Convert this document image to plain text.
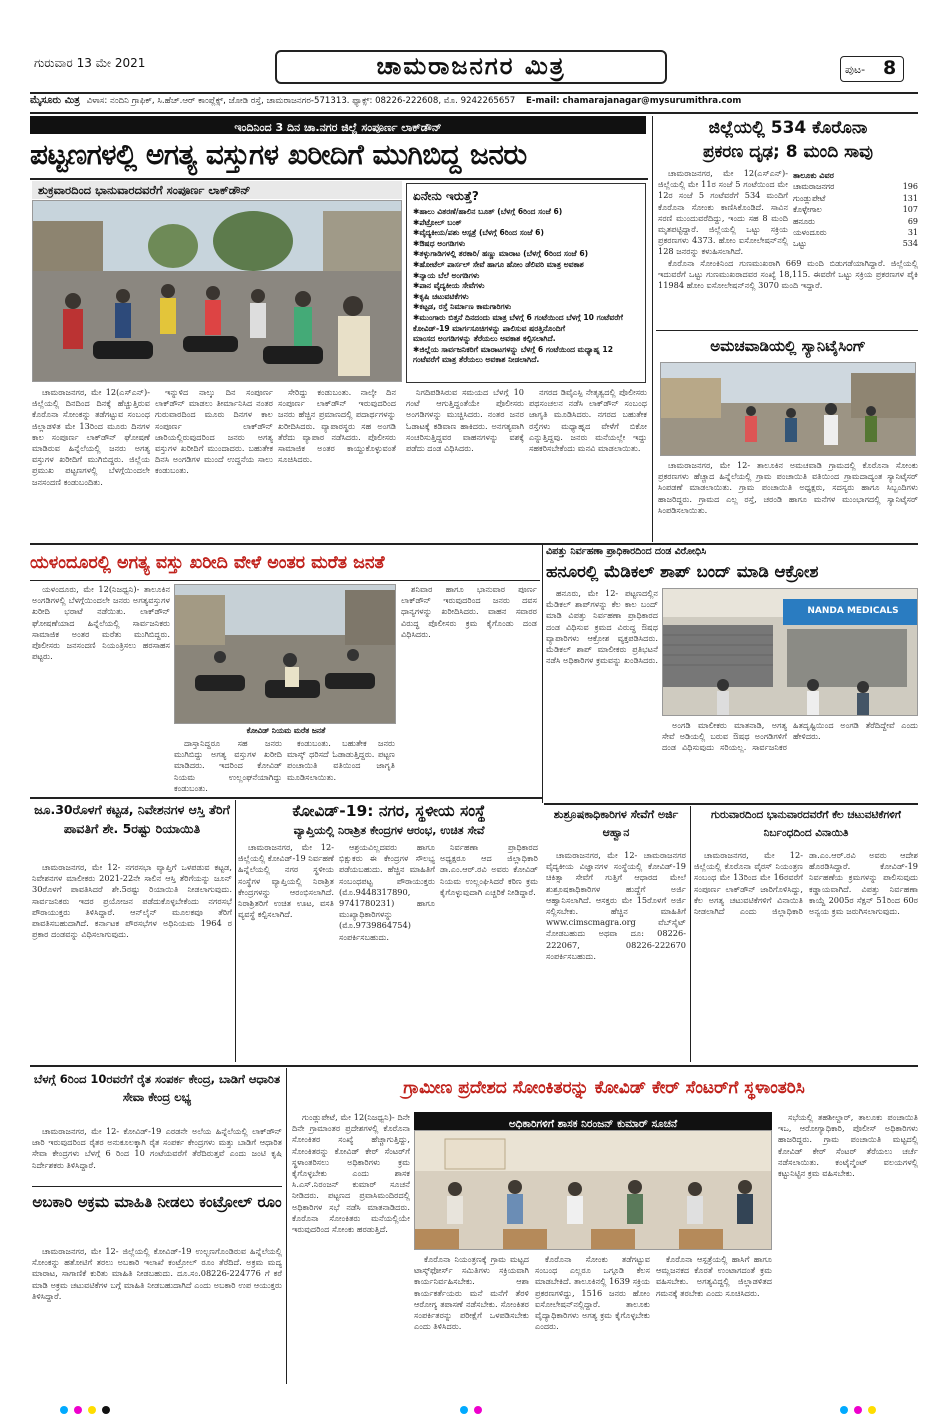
ಗುರುವಾರ 13 ಮೇ 2021	ಚಾಮರಾಜನಗರ ಮಿತ್ರ	ಪುಟ- 8
ಮೈಸೂರು ಮಿತ್ರ ವಿಳಾಸ: ನಂದಿನಿ ಗ್ರಾಫಿಕ್, ಸಿ.ಹೆಚ್.ಆರ್ ಕಾಂಪ್ಲೆಕ್ಸ್, ಜೋಡಿ ರಸ್ತೆ, ಚಾಮರಾಜನಗರ-571313. ಫ್ಯಾಕ್ಸ್: 08226-222608, ಮೊ. 9242265657 E-mail: chamarajanagar@mysurumithra.com
ಇಂದಿನಿಂದ 3 ದಿನ ಚಾ.ನಗರ ಜಿಲ್ಲೆ ಸಂಪೂರ್ಣ ಲಾಕ್‌ಡೌನ್
ಪಟ್ಟಣಗಳಲ್ಲಿ ಅಗತ್ಯ ವಸ್ತುಗಳ ಖರೀದಿಗೆ ಮುಗಿಬಿದ್ದ ಜನರು
ಶುಕ್ರವಾರದಿಂದ ಭಾನುವಾರದವರೆಗೆ ಸಂಪೂರ್ಣ ಲಾಕ್‌ಡೌನ್	ಏನೇನು ಇರುತ್ತೆ?
✱ಹಾಲು ವಿತರಣೆ/ಹಾಲಿನ ಬೂತ್ (ಬೆಳಗ್ಗೆ 6ರಿಂದ ಸಂಜೆ 6)
✱ಪೆಟ್ರೋಲ್ ಬಂಕ್
✱ವೈದ್ಯಕೀಯ/ಪಶು ಆಸ್ಪತ್ರೆ (ಬೆಳಗ್ಗೆ 6ರಿಂದ ಸಂಜೆ 6)
✱ಔಷಧ ಅಂಗಡಿಗಳು
✱ತಳ್ಳುಗಾಡಿಗಳಲ್ಲಿ ತರಕಾರಿ/ ಹಣ್ಣು ಮಾರಾಟ (ಬೆಳಗ್ಗೆ 6ರಿಂದ ಸಂಜೆ 6)
✱ಹೋಟೆಲ್ ಪಾರ್ಸಲ್ ಸೇವೆ ಹಾಗೂ ಹೋಂ ಡೆಲಿವರಿ ಮಾತ್ರ ಅವಕಾಶ
✱ನ್ಯಾಯ ಬೆಲೆ ಅಂಗಡಿಗಳು
✱ಪಾನ ವೈದ್ಯಕೀಯ ಸೇವೆಗಳು
✱ಕೃಷಿ ಚಟುವಟಿಕೆಗಳು
✱ಕಟ್ಟಡ, ರಸ್ತೆ ನಿರ್ಮಾಣ ಕಾಮಗಾರಿಗಳು
✱ಮುಂಗಾರು ಬಿತ್ತನೆ ದಿನದಂದು ಮಾತ್ರ ಬೆಳಗ್ಗೆ 6 ಗಂಟೆಯಿಂದ ಬೆಳಗ್ಗೆ 10 ಗಂಟೆವರೆಗೆ ಕೋವಿಡ್-19 ಮಾರ್ಗಸೂಚಿಗಳನ್ನು ಪಾಲಿಸುವ ಷರತ್ತಿನೊಂದಿಗೆ
ಮಾಂಸದ ಅಂಗಡಿಗಳನ್ನು ತೆರೆಯಲು ಅವಕಾಶ ಕಲ್ಪಿಸಲಾಗಿದೆ.
✱ಜಿಲ್ಲೆಯ ಸಾರ್ವಜನಿಕರಿಗೆ ಮಾರಾಟಗಳನ್ನು ಬೆಳಗ್ಗೆ 6 ಗಂಟೆಯಿಂದ ಮಧ್ಯಾಹ್ನ 12 ಗಂಟೆವರೆಗೆ ಮಾತ್ರ ತೆರೆಯಲು ಅವಕಾಶ ನೀಡಲಾಗಿದೆ.

ಚಾಮರಾಜನಗರ, ಮೇ 12(ಎಸ್‌ಎನ್)- ಜಿಲ್ಲೆಯಲ್ಲಿ ದಿನದಿಂದ ದಿನಕ್ಕೆ ಹೆಚ್ಚುತ್ತಿರುವ ಕೊರೊನಾ ಸೋಂಕನ್ನು ತಡೆಗಟ್ಟುವ ಸಂಬಂಧ ಜಿಲ್ಲಾಡಳಿತ ಮೇ 13ರಿಂದ ಮೂರು ದಿನಗಳ ಕಾಲ ಸಂಪೂರ್ಣ ಲಾಕ್‌ಡೌನ್ ಘೋಷಣೆ ಮಾಡಿರುವ ಹಿನ್ನೆಲೆಯಲ್ಲಿ ಜನರು ಅಗತ್ಯ ವಸ್ತುಗಳ ಖರೀದಿಗೆ ಮುಗಿಬಿದ್ದರು. ಜಿಲ್ಲೆಯ ಪ್ರಮುಖ ಪಟ್ಟಣಗಳಲ್ಲಿ ಬೆಳಗ್ಗೆಯಿಂದಲೇ ಜನಸಂದಣಿ ಕಂಡುಬಂದಿತು.

ಇನ್ನುಳಿದ ನಾಲ್ಕು ದಿನ ಸಂಪೂರ್ಣ ಲಾಕ್‌ಡೌನ್ ಮಾಡಲು ತೀರ್ಮಾನಿಸಿದ ನಂತರ ಗುರುವಾರದಿಂದ ಮೂರು ದಿನಗಳ ಕಾಲ ಸಂಪೂರ್ಣ ಲಾಕ್‌ಡೌನ್ ಜಾರಿಯಲ್ಲಿರುವುದರಿಂದ ಜನರು ಅಗತ್ಯ ವಸ್ತುಗಳ ಖರೀದಿಗೆ ಮುಂದಾದರು. ಬಹುತೇಕ ದಿನಸಿ ಅಂಗಡಿಗಳ ಮುಂದೆ ಉದ್ದನೆಯ ಸಾಲು ಕಂಡುಬಂತು.

ಸೇರಿದ್ದು ಕಂಡುಬಂತು. ನಾಲ್ಕೇ ದಿನ ಸಂಪೂರ್ಣ ಲಾಕ್‌ಡೌನ್ ಇರುವುದರಿಂದ ಜನರು ಹೆಚ್ಚಿನ ಪ್ರಮಾಣದಲ್ಲಿ ಪದಾರ್ಥಗಳನ್ನು ಖರೀದಿಸಿದರು. ವ್ಯಾಪಾರಸ್ಥರು ಸಹ ಅಂಗಡಿ ತೆರೆದು ವ್ಯಾಪಾರ ನಡೆಸಿದರು. ಪೊಲೀಸರು ಸಾಮಾಜಿಕ ಅಂತರ ಕಾಯ್ದುಕೊಳ್ಳುವಂತೆ ಸೂಚಿಸಿದರು.

ನಿಗದಿಪಡಿಸಿರುವ ಸಮಯದ ಬೆಳಗ್ಗೆ 10 ಗಂಟೆ ಆಗುತ್ತಿದ್ದಂತೆಯೇ ಪೊಲೀಸರು ಅಂಗಡಿಗಳನ್ನು ಮುಚ್ಚಿಸಿದರು. ನಂತರ ಜನರ ಓಡಾಟಕ್ಕೆ ಕಡಿವಾಣ ಹಾಕಿದರು. ಅನಗತ್ಯವಾಗಿ ಸಂಚರಿಸುತ್ತಿದ್ದವರ ವಾಹನಗಳನ್ನು ವಶಕ್ಕೆ ಪಡೆದು ದಂಡ ವಿಧಿಸಿದರು.

ನಗರದ ಡಿವೈಎಸ್ಪಿ ನೇತೃತ್ವದಲ್ಲಿ ಪೊಲೀಸರು ಪಥಸಂಚಲನ ನಡೆಸಿ ಲಾಕ್‌ಡೌನ್ ಸಂಬಂಧ ಜಾಗೃತಿ ಮೂಡಿಸಿದರು. ನಗರದ ಬಹುತೇಕ ರಸ್ತೆಗಳು ಮಧ್ಯಾಹ್ನದ ವೇಳೆಗೆ ಬಿಕೋ ಎನ್ನುತ್ತಿದ್ದವು. ಜನರು ಮನೆಯಲ್ಲೇ ಇದ್ದು ಸಹಕರಿಸಬೇಕೆಂದು ಮನವಿ ಮಾಡಲಾಯಿತು.

ಜಿಲ್ಲೆಯಲ್ಲಿ 534 ಕೊರೊನಾ
ಪ್ರಕರಣ ದೃಢ; 8 ಮಂದಿ ಸಾವು

ಚಾಮರಾಜನಗರ, ಮೇ 12(ಎಸ್‌ಎನ್)- ಜಿಲ್ಲೆಯಲ್ಲಿ ಮೇ 11ರ ಸಂಜೆ 5 ಗಂಟೆಯಿಂದ ಮೇ 12ರ ಸಂಜೆ 5 ಗಂಟೆವರೆಗೆ 534 ಮಂದಿಗೆ ಕೊರೊನಾ ಸೋಂಕು ಕಾಣಿಸಿಕೊಂಡಿದೆ. ಸಾವಿನ ಸರಣಿ ಮುಂದುವರೆದಿದ್ದು, ಇಂದು ಸಹ 8 ಮಂದಿ ಮೃತಪಟ್ಟಿದ್ದಾರೆ. ಜಿಲ್ಲೆಯಲ್ಲಿ ಒಟ್ಟು ಸಕ್ರಿಯ ಪ್ರಕರಣಗಳು 4373. ಹೋಂ ಐಸೋಲೇಷನ್‌ನಲ್ಲಿ 128 ಜನರನ್ನು ಕಳುಹಿಸಲಾಗಿದೆ.

ತಾಲೂಕು ವಿವರ
ಚಾಮರಾಜನಗರ	196
ಗುಂಡ್ಲುಪೇಟೆ	131
ಕೊಳ್ಳೇಗಾಲ	107
ಹನೂರು	69
ಯಳಂದೂರು	31
ಒಟ್ಟು	534

ಕೊರೊನಾ ಸೋಂಕಿನಿಂದ ಗುಣಮುಖರಾಗಿ 669 ಮಂದಿ ಬಿಡುಗಡೆಯಾಗಿದ್ದಾರೆ. ಜಿಲ್ಲೆಯಲ್ಲಿ ಇದುವರೆಗೆ ಒಟ್ಟು ಗುಣಮುಖರಾದವರ ಸಂಖ್ಯೆ 18,115. ಈವರೆಗೆ ಒಟ್ಟು ಸಕ್ರಿಯ ಪ್ರಕರಣಗಳ ಪೈಕಿ 11984 ಹೋಂ ಐಸೋಲೇಷನ್‌ನಲ್ಲಿ 3070 ಮಂದಿ ಇದ್ದಾರೆ.

ಅಮಚವಾಡಿಯಲ್ಲಿ ಸ್ಯಾನಿಟೈಸಿಂಗ್

ಚಾಮರಾಜನಗರ, ಮೇ 12- ತಾಲೂಕಿನ ಅಮಚವಾಡಿ ಗ್ರಾಮದಲ್ಲಿ ಕೊರೊನಾ ಸೋಂಕು ಪ್ರಕರಣಗಳು ಹೆಚ್ಚಾದ ಹಿನ್ನೆಲೆಯಲ್ಲಿ ಗ್ರಾಮ ಪಂಚಾಯಿತಿ ವತಿಯಿಂದ ಗ್ರಾಮದಾದ್ಯಂತ ಸ್ಯಾನಿಟೈಸರ್ ಸಿಂಪಡಣೆ ಮಾಡಲಾಯಿತು. ಗ್ರಾಮ ಪಂಚಾಯಿತಿ ಅಧ್ಯಕ್ಷರು, ಸದಸ್ಯರು ಹಾಗೂ ಸಿಬ್ಬಂದಿಗಳು ಹಾಜರಿದ್ದರು. ಗ್ರಾಮದ ಎಲ್ಲ ರಸ್ತೆ, ಚರಂಡಿ ಹಾಗೂ ಮನೆಗಳ ಮುಂಭಾಗದಲ್ಲಿ ಸ್ಯಾನಿಟೈಸರ್ ಸಿಂಪಡಿಸಲಾಯಿತು.

ಯಳಂದೂರಲ್ಲಿ ಅಗತ್ಯ ವಸ್ತು ಖರೀದಿ ವೇಳೆ ಅಂತರ ಮರೆತ ಜನತೆ

ಯಳಂದೂರು, ಮೇ 12(ನಿಜಧ್ವನಿ)- ತಾಲೂಕಿನ ಅಂಗಡಿಗಳಲ್ಲಿ ಬೆಳಗ್ಗೆಯಿಂದಲೇ ಜನರು ಅಗತ್ಯವಸ್ತುಗಳ ಖರೀದಿ ಭರಾಟೆ ನಡೆಯಿತು. ಲಾಕ್‌ಡೌನ್ ಘೋಷಣೆಯಾದ ಹಿನ್ನೆಲೆಯಲ್ಲಿ ಸಾರ್ವಜನಿಕರು ಸಾಮಾಜಿಕ ಅಂತರ ಮರೆತು ಮುಗಿಬಿದ್ದರು. ಪೊಲೀಸರು ಜನಸಂದಣಿ ನಿಯಂತ್ರಿಸಲು ಹರಸಾಹಸ ಪಟ್ಟರು.

ಕೋವಿಡ್ ನಿಯಮ ಮರೆತ ಜನತೆ

ದಾಸ್ತಾನಿದ್ದರೂ ಸಹ ಜನರು ಮುಗಿಬಿದ್ದು ಅಗತ್ಯ ವಸ್ತುಗಳ ಖರೀದಿ ಮಾಡಿದರು. ಇದರಿಂದ ಕೋವಿಡ್ ನಿಯಮ ಉಲ್ಲಂಘನೆಯಾಗಿದ್ದು ಕಂಡುಬಂತು.

ಕಂಡುಬಂತು. ಬಹುತೇಕ ಜನರು ಮಾಸ್ಕ್ ಧರಿಸದೆ ಓಡಾಡುತ್ತಿದ್ದರು. ಪಟ್ಟಣ ಪಂಚಾಯಿತಿ ವತಿಯಿಂದ ಜಾಗೃತಿ ಮೂಡಿಸಲಾಯಿತು.

ಶನಿವಾರ ಹಾಗೂ ಭಾನುವಾರ ಪೂರ್ಣ ಲಾಕ್‌ಡೌನ್ ಇರುವುದರಿಂದ ಜನರು ದವಸ ಧಾನ್ಯಗಳನ್ನು ಖರೀದಿಸಿದರು. ವಾಹನ ಸವಾರರ ವಿರುದ್ಧ ಪೊಲೀಸರು ಕ್ರಮ ಕೈಗೊಂಡು ದಂಡ ವಿಧಿಸಿದರು.

ವಿಪತ್ತು ನಿರ್ವಹಣಾ ಪ್ರಾಧಿಕಾರದಿಂದ ದಂಡ ವಿರೋಧಿಸಿ
ಹನೂರಲ್ಲಿ ಮೆಡಿಕಲ್ ಶಾಪ್ ಬಂದ್ ಮಾಡಿ ಆಕ್ರೋಶ

ಹನೂರು, ಮೇ 12- ಪಟ್ಟಣದಲ್ಲಿನ ಮೆಡಿಕಲ್ ಶಾಪ್‌ಗಳನ್ನು ಕೆಲ ಕಾಲ ಬಂದ್ ಮಾಡಿ ವಿಪತ್ತು ನಿರ್ವಹಣಾ ಪ್ರಾಧಿಕಾರದ ದಂಡ ವಿಧಿಸುವ ಕ್ರಮದ ವಿರುದ್ಧ ಔಷಧ ವ್ಯಾಪಾರಿಗಳು ಆಕ್ರೋಶ ವ್ಯಕ್ತಪಡಿಸಿದರು. ಮೆಡಿಕಲ್ ಶಾಪ್ ಮಾಲೀಕರು ಪ್ರತಿಭಟನೆ ನಡೆಸಿ ಅಧಿಕಾರಿಗಳ ಕ್ರಮವನ್ನು ಖಂಡಿಸಿದರು.

NANDA MEDICALS

ಅಂಗಡಿ ಮಾಲೀಕರು ಮಾತನಾಡಿ, ಅಗತ್ಯ ಸೇವೆ ಅಡಿಯಲ್ಲಿ ಬರುವ ಔಷಧ ಅಂಗಡಿಗಳಿಗೆ ದಂಡ ವಿಧಿಸುವುದು ಸರಿಯಲ್ಲ. ಸಾರ್ವಜನಿಕರ ಹಿತದೃಷ್ಟಿಯಿಂದ ಅಂಗಡಿ ತೆರೆದಿದ್ದೇವೆ ಎಂದು ಹೇಳಿದರು.

ಜೂ.30ರೊಳಗೆ ಕಟ್ಟಡ, ನಿವೇಶನಗಳ ಆಸ್ತಿ ತೆರಿಗೆ ಪಾವತಿಗೆ ಶೇ. 5ರಷ್ಟು ರಿಯಾಯಿತಿ

ಚಾಮರಾಜನಗರ, ಮೇ 12- ನಗರಸಭಾ ವ್ಯಾಪ್ತಿಗೆ ಒಳಪಡುವ ಕಟ್ಟಡ, ನಿವೇಶನಗಳ ಮಾಲೀಕರು 2021-22ನೇ ಸಾಲಿನ ಆಸ್ತಿ ತೆರಿಗೆಯನ್ನು ಜೂನ್ 30ರೊಳಗೆ ಪಾವತಿಸಿದರೆ ಶೇ.5ರಷ್ಟು ರಿಯಾಯಿತಿ ನೀಡಲಾಗುವುದು. ಸಾರ್ವಜನಿಕರು ಇದರ ಪ್ರಯೋಜನ ಪಡೆದುಕೊಳ್ಳಬೇಕೆಂದು ನಗರಸಭೆ ಪೌರಾಯುಕ್ತರು ತಿಳಿಸಿದ್ದಾರೆ. ಆನ್‌ಲೈನ್ ಮೂಲಕವೂ ತೆರಿಗೆ ಪಾವತಿಸಬಹುದಾಗಿದೆ. ಕರ್ನಾಟಕ ಪೌರಸಭೆಗಳ ಅಧಿನಿಯಮ 1964 ರ ಪ್ರಕಾರ ದಂಡವನ್ನು ವಿಧಿಸಲಾಗುವುದು.

ಕೋವಿಡ್-19: ನಗರ, ಸ್ಥಳೀಯ ಸಂಸ್ಥೆ
ವ್ಯಾಪ್ತಿಯಲ್ಲಿ ನಿರಾಶ್ರಿತ ಕೇಂದ್ರಗಳ ಆರಂಭ, ಉಚಿತ ಸೇವೆ

ಚಾಮರಾಜನಗರ, ಮೇ 12- ಜಿಲ್ಲೆಯಲ್ಲಿ ಕೋವಿಡ್-19 ನಿರ್ವಹಣೆ ಹಿನ್ನೆಲೆಯಲ್ಲಿ ನಗರ ಸ್ಥಳೀಯ ಸಂಸ್ಥೆಗಳ ವ್ಯಾಪ್ತಿಯಲ್ಲಿ ನಿರಾಶ್ರಿತ ಕೇಂದ್ರಗಳನ್ನು ಆರಂಭಿಸಲಾಗಿದೆ. ನಿರಾಶ್ರಿತರಿಗೆ ಉಚಿತ ಊಟ, ವಸತಿ ವ್ಯವಸ್ಥೆ ಕಲ್ಪಿಸಲಾಗಿದೆ.

ಆಶ್ರಯವಿಲ್ಲದವರು ಹಾಗೂ ಭಿಕ್ಷುಕರು ಈ ಕೇಂದ್ರಗಳ ಸೌಲಭ್ಯ ಪಡೆಯಬಹುದು. ಹೆಚ್ಚಿನ ಮಾಹಿತಿಗೆ ಸಂಬಂಧಪಟ್ಟ ಪೌರಾಯುಕ್ತರು (ಮೊ.9448317890, 9741780231) ಹಾಗೂ ಮುಖ್ಯಾಧಿಕಾರಿಗಳನ್ನು (ಮೊ.9739864754) ಸಂಪರ್ಕಿಸಬಹುದು.

ನಿರ್ವಹಣಾ ಪ್ರಾಧಿಕಾರದ ಅಧ್ಯಕ್ಷರೂ ಆದ ಜಿಲ್ಲಾಧಿಕಾರಿ ಡಾ.ಎಂ.ಆರ್.ರವಿ ಅವರು ಕೋವಿಡ್ ನಿಯಮ ಉಲ್ಲಂಘಿಸಿದರೆ ಕಠಿಣ ಕ್ರಮ ಕೈಗೊಳ್ಳುವುದಾಗಿ ಎಚ್ಚರಿಕೆ ನೀಡಿದ್ದಾರೆ.

ಶುಶ್ರೂಷಕಾಧಿಕಾರಿಗಳ ಸೇವೆಗೆ ಅರ್ಜಿ ಆಹ್ವಾನ

ಚಾಮರಾಜನಗರ, ಮೇ 12- ಚಾಮರಾಜನಗರ ವೈದ್ಯಕೀಯ ವಿಜ್ಞಾನಗಳ ಸಂಸ್ಥೆಯಲ್ಲಿ ಕೋವಿಡ್-19 ಚಿಕಿತ್ಸಾ ಸೇವೆಗೆ ಗುತ್ತಿಗೆ ಆಧಾರದ ಮೇಲೆ ಶುಶ್ರೂಷಕಾಧಿಕಾರಿಗಳ ಹುದ್ದೆಗೆ ಅರ್ಜಿ ಆಹ್ವಾನಿಸಲಾಗಿದೆ. ಆಸಕ್ತರು ಮೇ 15ರೊಳಗೆ ಅರ್ಜಿ ಸಲ್ಲಿಸಬೇಕು. ಹೆಚ್ಚಿನ ಮಾಹಿತಿಗೆ www.cimscmagra.org ವೆಬ್‌ಸೈಟ್ ನೋಡಬಹುದು ಅಥವಾ ದೂ: 08226-222067, 08226-222670 ಸಂಪರ್ಕಿಸಬಹುದು.

ಗುರುವಾರದಿಂದ ಭಾನುವಾರದವರೆಗೆ ಕೆಲ ಚಟುವಟಿಕೆಗಳಿಗೆ ನಿರ್ಬಂಧದಿಂದ ವಿನಾಯಿತಿ

ಚಾಮರಾಜನಗರ, ಮೇ 12- ಜಿಲ್ಲೆಯಲ್ಲಿ ಕೊರೊನಾ ವೈರಸ್ ನಿಯಂತ್ರಣ ಸಂಬಂಧ ಮೇ 13ರಿಂದ ಮೇ 16ರವರೆಗೆ ಸಂಪೂರ್ಣ ಲಾಕ್‌ಡೌನ್ ಜಾರಿಗೊಳಿಸಿದ್ದು, ಕೆಲ ಅಗತ್ಯ ಚಟುವಟಿಕೆಗಳಿಗೆ ವಿನಾಯಿತಿ ನೀಡಲಾಗಿದೆ ಎಂದು ಜಿಲ್ಲಾಧಿಕಾರಿ ಡಾ.ಎಂ.ಆರ್.ರವಿ ಅವರು ಆದೇಶ ಹೊರಡಿಸಿದ್ದಾರೆ. ಕೋವಿಡ್-19 ನಿರ್ವಹಣೆಯ ಕ್ರಮಗಳನ್ನು ಪಾಲಿಸುವುದು ಕಡ್ಡಾಯವಾಗಿದೆ. ವಿಪತ್ತು ನಿರ್ವಹಣಾ ಕಾಯ್ದೆ 2005ರ ಸೆಕ್ಷನ್ 51ರಿಂದ 60ರ ಅನ್ವಯ ಕ್ರಮ ಜರುಗಿಸಲಾಗುವುದು.

ಬೆಳಗ್ಗೆ 6ರಿಂದ 10ರವರೆಗೆ ರೈತ ಸಂಪರ್ಕ ಕೇಂದ್ರ, ಬಾಡಿಗೆ ಆಧಾರಿತ ಸೇವಾ ಕೇಂದ್ರ ಲಭ್ಯ

ಚಾಮರಾಜನಗರ, ಮೇ 12- ಕೋವಿಡ್-19 ಎರಡನೇ ಅಲೆಯ ಹಿನ್ನೆಲೆಯಲ್ಲಿ ಲಾಕ್‌ಡೌನ್ ಜಾರಿ ಇರುವುದರಿಂದ ರೈತರ ಅನುಕೂಲಕ್ಕಾಗಿ ರೈತ ಸಂಪರ್ಕ ಕೇಂದ್ರಗಳು ಮತ್ತು ಬಾಡಿಗೆ ಆಧಾರಿತ ಸೇವಾ ಕೇಂದ್ರಗಳು ಬೆಳಗ್ಗೆ 6 ರಿಂದ 10 ಗಂಟೆಯವರೆಗೆ ತೆರೆದಿರುತ್ತವೆ ಎಂದು ಜಂಟಿ ಕೃಷಿ ನಿರ್ದೇಶಕರು ತಿಳಿಸಿದ್ದಾರೆ.

ಅಬಕಾರಿ ಅಕ್ರಮ ಮಾಹಿತಿ ನೀಡಲು ಕಂಟ್ರೋಲ್ ರೂಂ

ಚಾಮರಾಜನಗರ, ಮೇ 12- ಜಿಲ್ಲೆಯಲ್ಲಿ ಕೋವಿಡ್-19 ಉಲ್ಬಣಗೊಂಡಿರುವ ಹಿನ್ನೆಲೆಯಲ್ಲಿ ಸೋಂಕನ್ನು ಹತೋಟಿಗೆ ತರಲು ಅಬಕಾರಿ ಇಲಾಖೆ ಕಂಟ್ರೋಲ್ ರೂಂ ತೆರೆದಿದೆ. ಅಕ್ರಮ ಮದ್ಯ ಮಾರಾಟ, ಸಾಗಾಣಿಕೆ ಕುರಿತು ಮಾಹಿತಿ ನೀಡಬಹುದು. ದೂ.ಸಂ.08226-224776 ಗೆ ಕರೆ ಮಾಡಿ ಅಕ್ರಮ ಚಟುವಟಿಕೆಗಳ ಬಗ್ಗೆ ಮಾಹಿತಿ ನೀಡಬಹುದಾಗಿದೆ ಎಂದು ಅಬಕಾರಿ ಉಪ ಆಯುಕ್ತರು ತಿಳಿಸಿದ್ದಾರೆ.

ಗ್ರಾಮೀಣ ಪ್ರದೇಶದ ಸೋಂಕಿತರನ್ನು ಕೋವಿಡ್ ಕೇರ್ ಸೆಂಟರ್‌ಗೆ ಸ್ಥಳಾಂತರಿಸಿ

ಗುಂಡ್ಲುಪೇಟೆ, ಮೇ 12(ನಿಜಧ್ವನಿ)- ದಿನೇ ದಿನೇ ಗ್ರಾಮಾಂತರ ಪ್ರದೇಶಗಳಲ್ಲಿ ಕೊರೊನಾ ಸೋಂಕಿತರ ಸಂಖ್ಯೆ ಹೆಚ್ಚಾಗುತ್ತಿದ್ದು, ಸೋಂಕಿತರನ್ನು ಕೋವಿಡ್ ಕೇರ್ ಸೆಂಟರ್‌ಗೆ ಸ್ಥಳಾಂತರಿಸಲು ಅಧಿಕಾರಿಗಳು ಕ್ರಮ ಕೈಗೊಳ್ಳಬೇಕು ಎಂದು ಶಾಸಕ ಸಿ.ಎಸ್.ನಿರಂಜನ್ ಕುಮಾರ್ ಸೂಚನೆ ನೀಡಿದರು. ಪಟ್ಟಣದ ಪ್ರವಾಸಿಮಂದಿರದಲ್ಲಿ ಅಧಿಕಾರಿಗಳ ಸಭೆ ನಡೆಸಿ ಮಾತನಾಡಿದರು. ಕೊರೊನಾ ಸೋಂಕಿತರು ಮನೆಯಲ್ಲಿಯೇ ಇರುವುದರಿಂದ ಸೋಂಕು ಹರಡುತ್ತಿದೆ.

ಅಧಿಕಾರಿಗಳಿಗೆ ಶಾಸಕ ನಿರಂಜನ್ ಕುಮಾರ್ ಸೂಚನೆ

ಕೊರೊನಾ ನಿಯಂತ್ರಣಕ್ಕೆ ಗ್ರಾಮ ಮಟ್ಟದ ಟಾಸ್ಕ್‌ಫೋರ್ಸ್ ಸಮಿತಿಗಳು ಸಕ್ರಿಯವಾಗಿ ಕಾರ್ಯನಿರ್ವಹಿಸಬೇಕು. ಆಶಾ ಕಾರ್ಯಕರ್ತೆಯರು ಮನೆ ಮನೆಗೆ ತೆರಳಿ ಆರೋಗ್ಯ ತಪಾಸಣೆ ನಡೆಸಬೇಕು. ಸೋಂಕಿತರ ಸಂಪರ್ಕಿತರನ್ನು ಪರೀಕ್ಷೆಗೆ ಒಳಪಡಿಸಬೇಕು ಎಂದು ತಿಳಿಸಿದರು.

ಕೊರೊನಾ ಸೋಂಕು ತಡೆಗಟ್ಟುವ ಸಂಬಂಧ ಎಲ್ಲರೂ ಒಗ್ಗೂಡಿ ಕೆಲಸ ಮಾಡಬೇಕಿದೆ. ತಾಲೂಕಿನಲ್ಲಿ 1639 ಸಕ್ರಿಯ ಪ್ರಕರಣಗಳಿದ್ದು, 1516 ಜನರು ಹೋಂ ಐಸೋಲೇಷನ್‌ನಲ್ಲಿದ್ದಾರೆ. ತಾಲೂಕು ವೈದ್ಯಾಧಿಕಾರಿಗಳು ಅಗತ್ಯ ಕ್ರಮ ಕೈಗೊಳ್ಳಬೇಕು ಎಂದರು.

ಕೊರೊನಾ ಆಸ್ಪತ್ರೆಯಲ್ಲಿ ಹಾಸಿಗೆ ಹಾಗೂ ಆಮ್ಲಜನಕದ ಕೊರತೆ ಉಂಟಾಗದಂತೆ ಕ್ರಮ ವಹಿಸಬೇಕು. ಅಗತ್ಯವಿದ್ದಲ್ಲಿ ಜಿಲ್ಲಾಡಳಿತದ ಗಮನಕ್ಕೆ ತರಬೇಕು ಎಂದು ಸೂಚಿಸಿದರು.

ಸಭೆಯಲ್ಲಿ ತಹಶೀಲ್ದಾರ್, ತಾಲೂಕು ಪಂಚಾಯಿತಿ ಇಒ, ಆರೋಗ್ಯಾಧಿಕಾರಿ, ಪೊಲೀಸ್ ಅಧಿಕಾರಿಗಳು ಹಾಜರಿದ್ದರು. ಗ್ರಾಮ ಪಂಚಾಯಿತಿ ಮಟ್ಟದಲ್ಲಿ ಕೋವಿಡ್ ಕೇರ್ ಸೆಂಟರ್ ತೆರೆಯಲು ಚರ್ಚೆ ನಡೆಸಲಾಯಿತು. ಕಂಟೈನ್ಮೆಂಟ್ ವಲಯಗಳಲ್ಲಿ ಕಟ್ಟುನಿಟ್ಟಿನ ಕ್ರಮ ವಹಿಸಬೇಕು.
